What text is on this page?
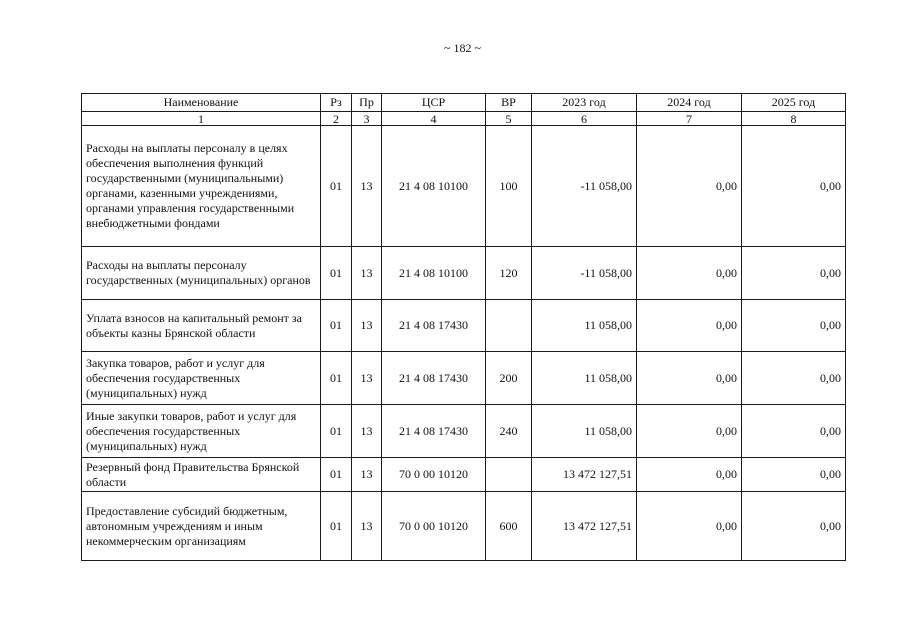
~ 182 ~
Наименование	Рз	Пр	ЦСР	ВР	2023 год	2024 год	2025 год
1	2	3	4	5	6	7	8
Расходы на выплаты персоналу в целях обеспечения выполнения функций государственными (муниципальными) органами, казенными учреждениями, органами управления государственными внебюджетными фондами	01	13	21 4 08 10100	100	-11 058,00	0,00	0,00
Расходы на выплаты персоналу государственных (муниципальных) органов	01	13	21 4 08 10100	120	-11 058,00	0,00	0,00
Уплата взносов на капитальный ремонт за объекты казны Брянской области	01	13	21 4 08 17430		11 058,00	0,00	0,00
Закупка товаров, работ и услуг для обеспечения государственных (муниципальных) нужд	01	13	21 4 08 17430	200	11 058,00	0,00	0,00
Иные закупки товаров, работ и услуг для обеспечения государственных (муниципальных) нужд	01	13	21 4 08 17430	240	11 058,00	0,00	0,00
Резервный фонд Правительства Брянской области	01	13	70 0 00 10120		13 472 127,51	0,00	0,00
Предоставление субсидий бюджетным, автономным учреждениям и иным некоммерческим организациям	01	13	70 0 00 10120	600	13 472 127,51	0,00	0,00
